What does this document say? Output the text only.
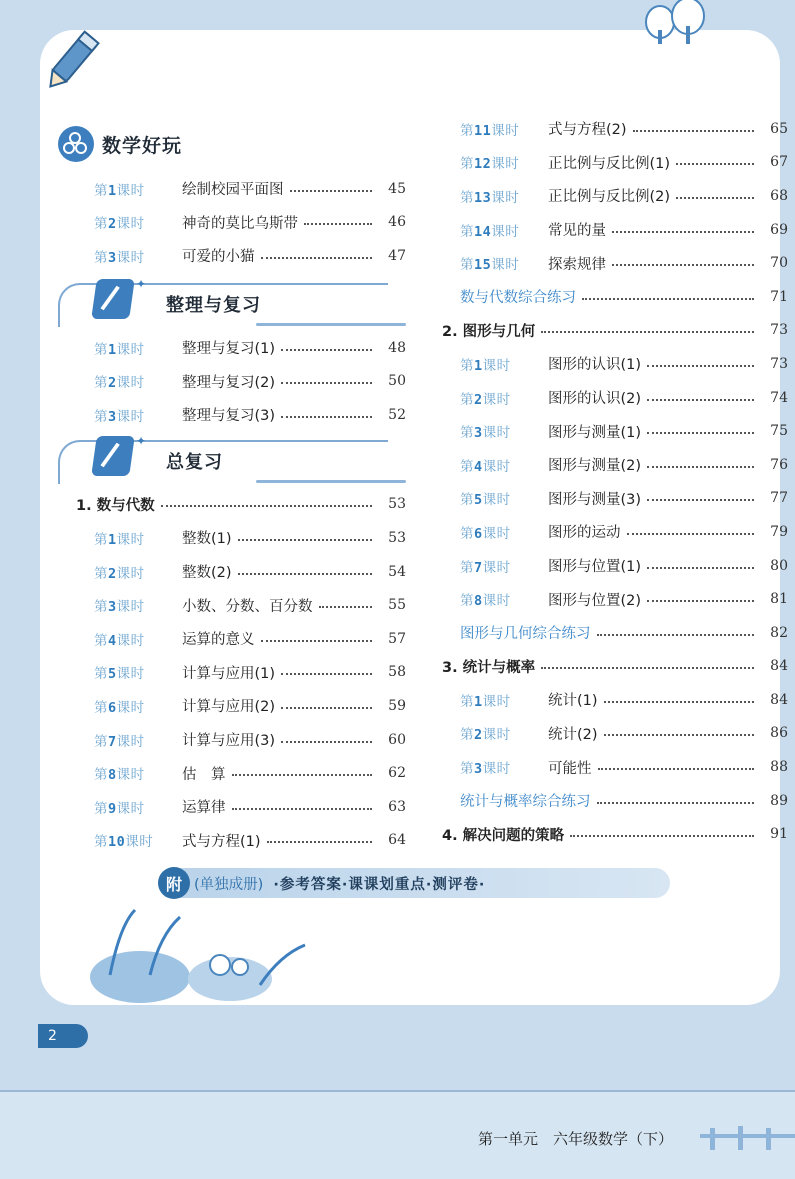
数学好玩
第1课时	绘制校园平面图	45
第2课时	神奇的莫比乌斯带	46
第3课时	可爱的小猫	47
✦
整理与复习
第1课时	整理与复习(1)	48
第2课时	整理与复习(2)	50
第3课时	整理与复习(3)	52
✦
总复习
1. 数与代数	53
第1课时	整数(1)	53
第2课时	整数(2)	54
第3课时	小数、分数、百分数	55
第4课时	运算的意义	57
第5课时	计算与应用(1)	58
第6课时	计算与应用(2)	59
第7课时	计算与应用(3)	60
第8课时	估　算	62
第9课时	运算律	63
第10课时	式与方程(1)	64
第11课时	式与方程(2)	65
第12课时	正比例与反比例(1)	67
第13课时	正比例与反比例(2)	68
第14课时	常见的量	69
第15课时	探索规律	70
数与代数综合练习	71
2. 图形与几何	73
第1课时	图形的认识(1)	73
第2课时	图形的认识(2)	74
第3课时	图形与测量(1)	75
第4课时	图形与测量(2)	76
第5课时	图形与测量(3)	77
第6课时	图形的运动	79
第7课时	图形与位置(1)	80
第8课时	图形与位置(2)	81
图形与几何综合练习	82
3. 统计与概率	84
第1课时	统计(1)	84
第2课时	统计(2)	86
第3课时	可能性	88
统计与概率综合练习	89
4. 解决问题的策略	91
附 (单独成册) ·参考答案·课课划重点·测评卷·
2
第一单元　六年级数学（下）
